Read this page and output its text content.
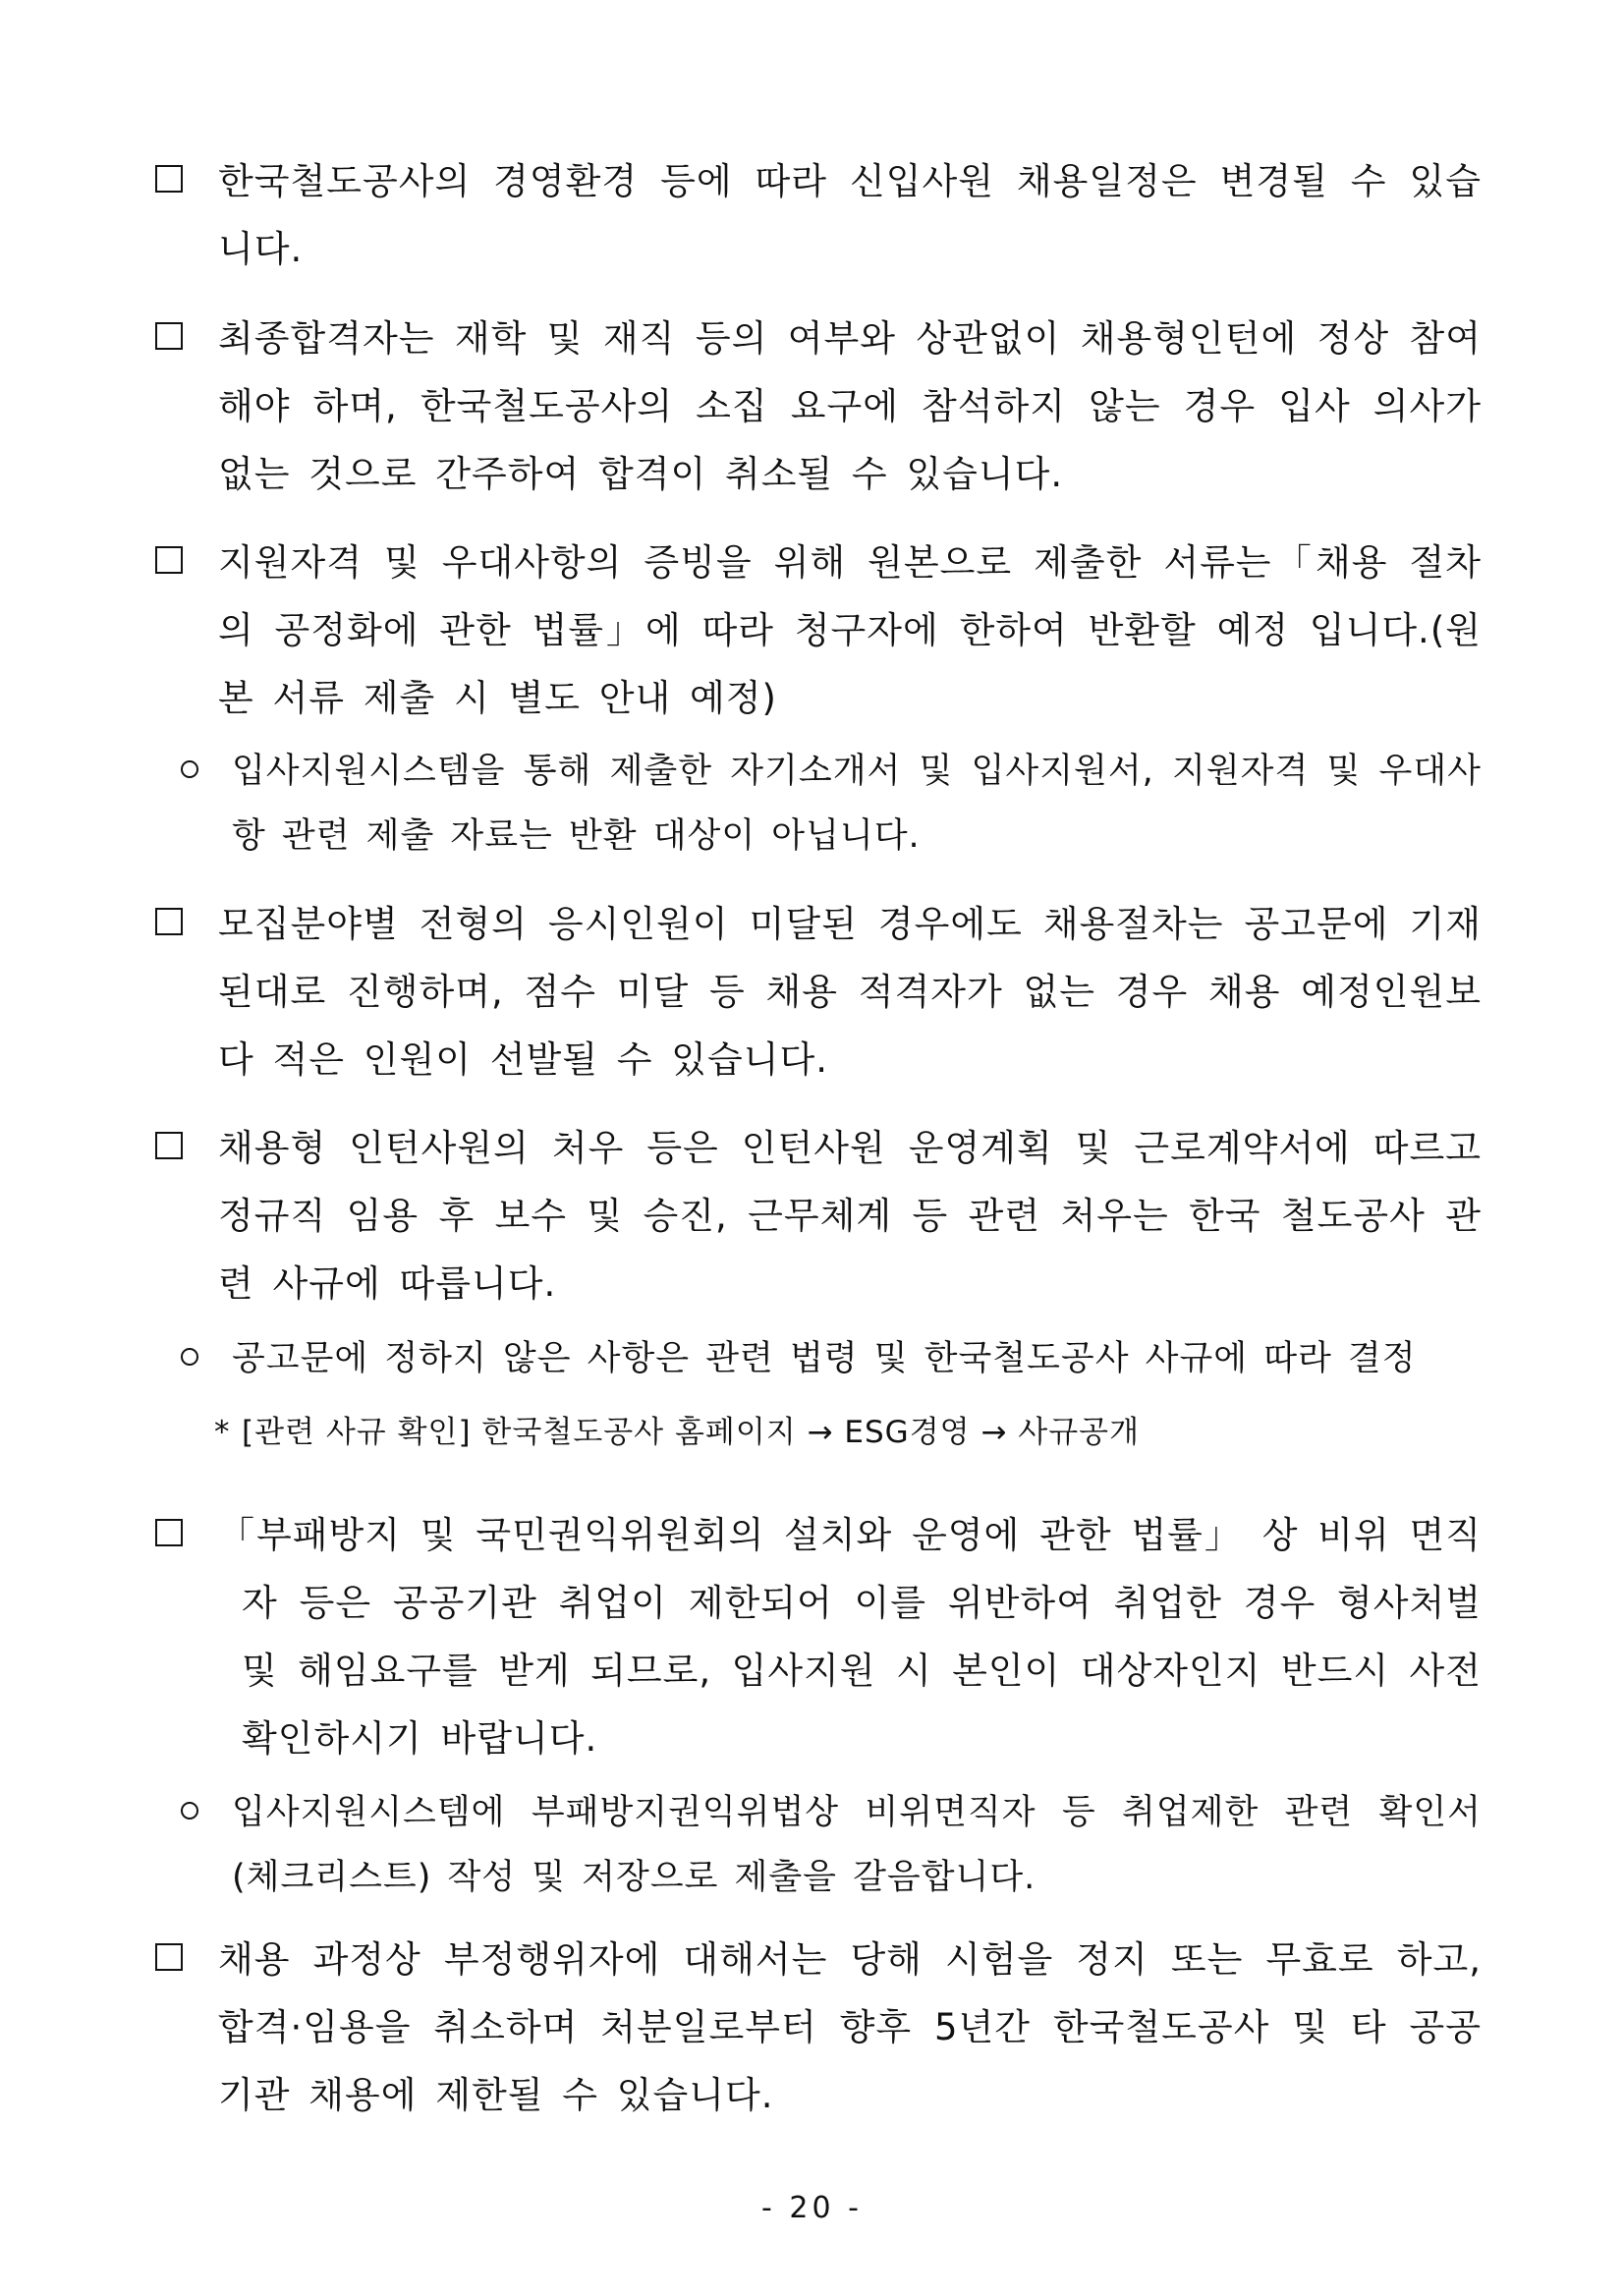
한국철도공사의 경영환경 등에 따라 신입사원 채용일정은 변경될 수 있습니다.
최종합격자는 재학 및 재직 등의 여부와 상관없이 채용형인턴에 정상 참여해야 하며, 한국철도공사의 소집 요구에 참석하지 않는 경우 입사 의사가 없는 것으로 간주하여 합격이 취소될 수 있습니다.
지원자격 및 우대사항의 증빙을 위해 원본으로 제출한 서류는「채용 절차의 공정화에 관한 법률」에 따라 청구자에 한하여 반환할 예정 입니다.(원본 서류 제출 시 별도 안내 예정)
입사지원시스템을 통해 제출한 자기소개서 및 입사지원서, 지원자격 및 우대사항 관련 제출 자료는 반환 대상이 아닙니다.
모집분야별 전형의 응시인원이 미달된 경우에도 채용절차는 공고문에 기재된대로 진행하며, 점수 미달 등 채용 적격자가 없는 경우 채용 예정인원보다 적은 인원이 선발될 수 있습니다.
채용형 인턴사원의 처우 등은 인턴사원 운영계획 및 근로계약서에 따르고 정규직 임용 후 보수 및 승진, 근무체계 등 관련 처우는 한국 철도공사 관련 사규에 따릅니다.
공고문에 정하지 않은 사항은 관련 법령 및 한국철도공사 사규에 따라 결정
* [관련 사규 확인] 한국철도공사 홈페이지 → ESG경영 → 사규공개
「부패방지 및 국민권익위원회의 설치와 운영에 관한 법률」 상 비위 면직자 등은 공공기관 취업이 제한되어 이를 위반하여 취업한 경우 형사처벌 및 해임요구를 받게 되므로, 입사지원 시 본인이 대상자인지 반드시 사전 확인하시기 바랍니다.
입사지원시스템에 부패방지권익위법상 비위면직자 등 취업제한 관련 확인서 (체크리스트) 작성 및 저장으로 제출을 갈음합니다.
채용 과정상 부정행위자에 대해서는 당해 시험을 정지 또는 무효로 하고, 합격·임용을 취소하며 처분일로부터 향후 5년간 한국철도공사 및 타 공공기관 채용에 제한될 수 있습니다.
- 20 -
